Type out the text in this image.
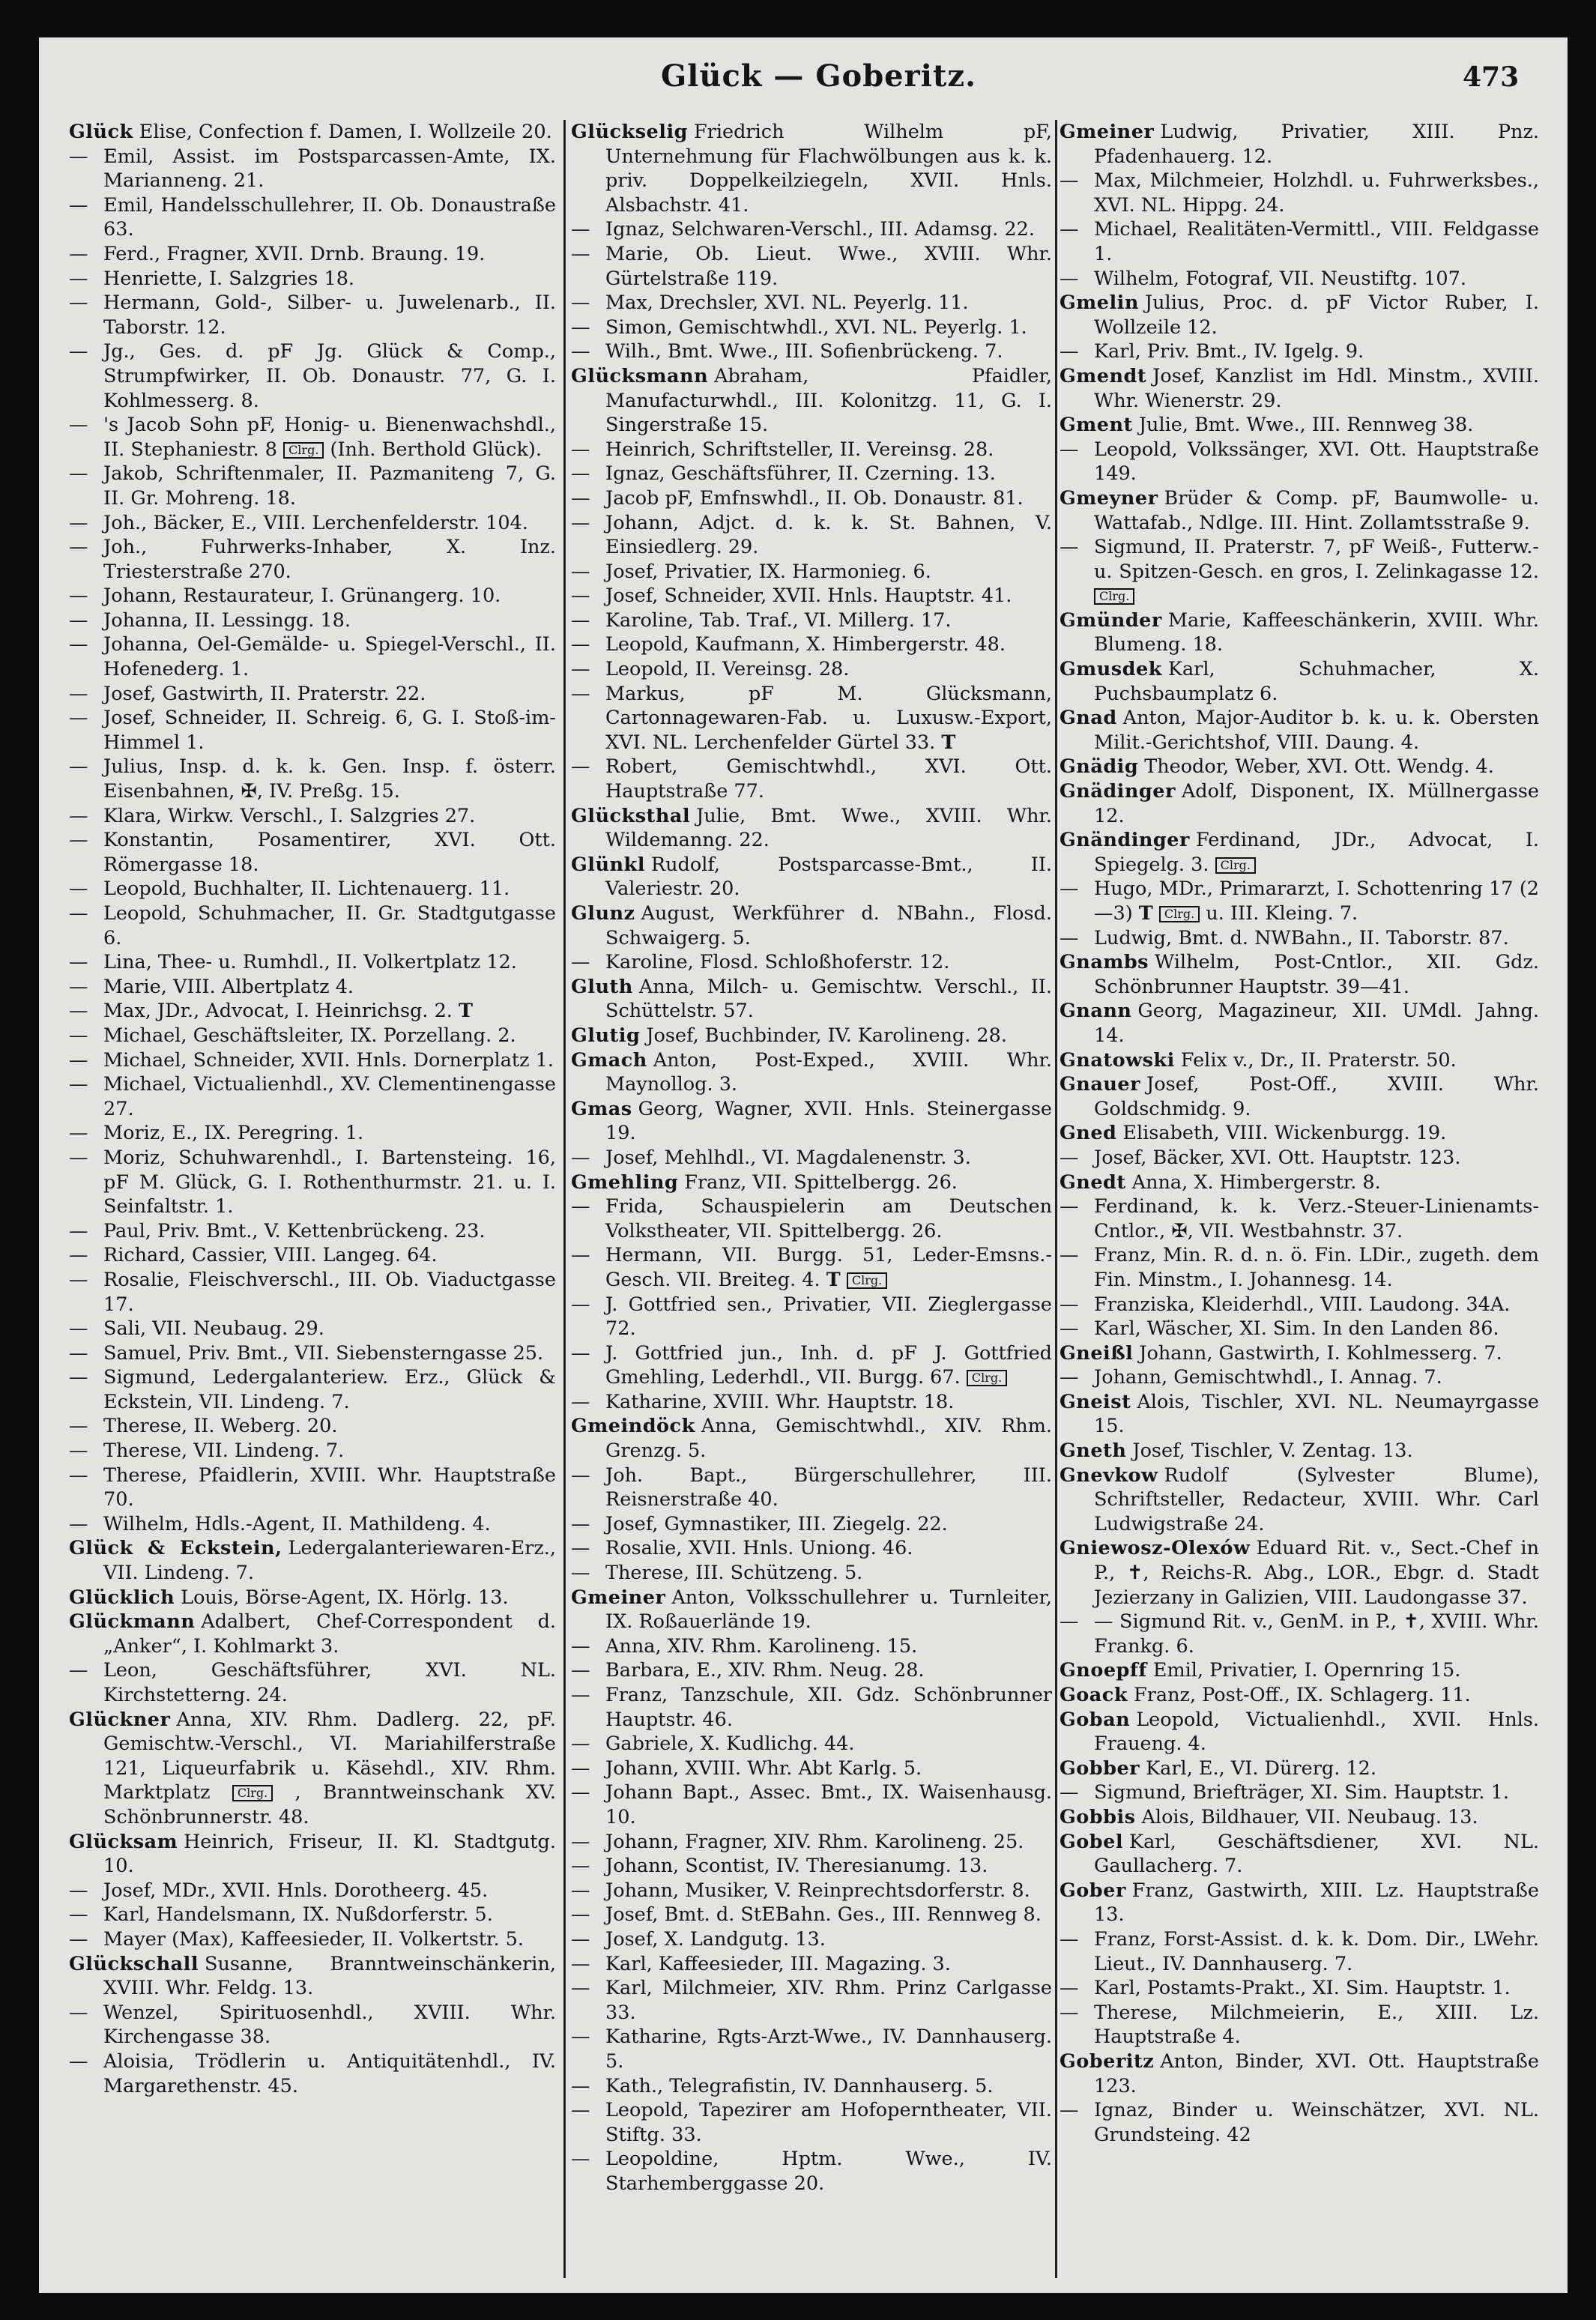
Glück — Goberitz.	473
Glück Elise, Confection f. Damen, I. Wollzeile 20.
— Emil, Assist. im Postsparcassen-Amte, IX. Marianneng. 21.
— Emil, Handelsschullehrer, II. Ob. Donaustraße 63.
— Ferd., Fragner, XVII. Drnb. Braung. 19.
— Henriette, I. Salzgries 18.
— Hermann, Gold-, Silber- u. Juwelenarb., II. Taborstr. 12.
— Jg., Ges. d. pF Jg. Glück & Comp., Strumpfwirker, II. Ob. Donaustr. 77, G. I. Kohlmesserg. 8.
— 's Jacob Sohn pF, Honig- u. Bienenwachshdl., II. Stephaniestr. 8 Clrg. (Inh. Berthold Glück).
— Jakob, Schriftenmaler, II. Pazmaniteng 7, G. II. Gr. Mohreng. 18.
— Joh., Bäcker, E., VIII. Lerchenfelderstr. 104.
— Joh., Fuhrwerks-Inhaber, X. Inz. Triesterstraße 270.
— Johann, Restaurateur, I. Grünangerg. 10.
— Johanna, II. Lessingg. 18.
— Johanna, Oel-Gemälde- u. Spiegel-Verschl., II. Hofenederg. 1.
— Josef, Gastwirth, II. Praterstr. 22.
— Josef, Schneider, II. Schreig. 6, G. I. Stoß-im-Himmel 1.
— Julius, Insp. d. k. k. Gen. Insp. f. österr. Eisenbahnen, ✠, IV. Preßg. 15.
— Klara, Wirkw. Verschl., I. Salzgries 27.
— Konstantin, Posamentirer, XVI. Ott. Römergasse 18.
— Leopold, Buchhalter, II. Lichtenauerg. 11.
— Leopold, Schuhmacher, II. Gr. Stadtgutgasse 6.
— Lina, Thee- u. Rumhdl., II. Volkertplatz 12.
— Marie, VIII. Albertplatz 4.
— Max, JDr., Advocat, I. Heinrichsg. 2. T
— Michael, Geschäftsleiter, IX. Porzellang. 2.
— Michael, Schneider, XVII. Hnls. Dornerplatz 1.
— Michael, Victualienhdl., XV. Clementinengasse 27.
— Moriz, E., IX. Peregring. 1.
— Moriz, Schuhwarenhdl., I. Bartensteing. 16, pF M. Glück, G. I. Rothenthurmstr. 21. u. I. Seinfaltstr. 1.
— Paul, Priv. Bmt., V. Kettenbrückeng. 23.
— Richard, Cassier, VIII. Langeg. 64.
— Rosalie, Fleischverschl., III. Ob. Viaductgasse 17.
— Sali, VII. Neubaug. 29.
— Samuel, Priv. Bmt., VII. Siebensterngasse 25.
— Sigmund, Ledergalanteriew. Erz., Glück & Eckstein, VII. Lindeng. 7.
— Therese, II. Weberg. 20.
— Therese, VII. Lindeng. 7.
— Therese, Pfaidlerin, XVIII. Whr. Hauptstraße 70.
— Wilhelm, Hdls.-Agent, II. Mathildeng. 4.
Glück & Eckstein, Ledergalanteriewaren-Erz., VII. Lindeng. 7.
Glücklich Louis, Börse-Agent, IX. Hörlg. 13.
Glückmann Adalbert, Chef-Correspondent d. „Anker“, I. Kohlmarkt 3.
— Leon, Geschäftsführer, XVI. NL. Kirchstetterng. 24.
Glückner Anna, XIV. Rhm. Dadlerg. 22, pF. Gemischtw.-Verschl., VI. Mariahilferstraße 121, Liqueurfabrik u. Käsehdl., XIV. Rhm. Marktplatz Clrg. , Branntweinschank XV. Schönbrunnerstr. 48.
Glücksam Heinrich, Friseur, II. Kl. Stadtgutg. 10.
— Josef, MDr., XVII. Hnls. Dorotheerg. 45.
— Karl, Handelsmann, IX. Nußdorferstr. 5.
— Mayer (Max), Kaffeesieder, II. Volkertstr. 5.
Glückschall Susanne, Branntweinschänkerin, XVIII. Whr. Feldg. 13.
— Wenzel, Spirituosenhdl., XVIII. Whr. Kirchengasse 38.
— Aloisia, Trödlerin u. Antiquitätenhdl., IV. Margarethenstr. 45.
Glückselig Friedrich Wilhelm pF, Unternehmung für Flachwölbungen aus k. k. priv. Doppelkeilziegeln, XVII. Hnls. Alsbachstr. 41.
— Ignaz, Selchwaren-Verschl., III. Adamsg. 22.
— Marie, Ob. Lieut. Wwe., XVIII. Whr. Gürtelstraße 119.
— Max, Drechsler, XVI. NL. Peyerlg. 11.
— Simon, Gemischtwhdl., XVI. NL. Peyerlg. 1.
— Wilh., Bmt. Wwe., III. Sofienbrückeng. 7.
Glücksmann Abraham, Pfaidler, Manufacturwhdl., III. Kolonitzg. 11, G. I. Singerstraße 15.
— Heinrich, Schriftsteller, II. Vereinsg. 28.
— Ignaz, Geschäftsführer, II. Czerning. 13.
— Jacob pF, Emfnswhdl., II. Ob. Donaustr. 81.
— Johann, Adjct. d. k. k. St. Bahnen, V. Einsiedlerg. 29.
— Josef, Privatier, IX. Harmonieg. 6.
— Josef, Schneider, XVII. Hnls. Hauptstr. 41.
— Karoline, Tab. Traf., VI. Millerg. 17.
— Leopold, Kaufmann, X. Himbergerstr. 48.
— Leopold, II. Vereinsg. 28.
— Markus, pF M. Glücksmann, Cartonnagewaren-Fab. u. Luxusw.-Export, XVI. NL. Lerchenfelder Gürtel 33. T
— Robert, Gemischtwhdl., XVI. Ott. Hauptstraße 77.
Glücksthal Julie, Bmt. Wwe., XVIII. Whr. Wildemanng. 22.
Glünkl Rudolf, Postsparcasse-Bmt., II. Valeriestr. 20.
Glunz August, Werkführer d. NBahn., Flosd. Schwaigerg. 5.
— Karoline, Flosd. Schloßhoferstr. 12.
Gluth Anna, Milch- u. Gemischtw. Verschl., II. Schüttelstr. 57.
Glutig Josef, Buchbinder, IV. Karolineng. 28.
Gmach Anton, Post-Exped., XVIII. Whr. Maynollog. 3.
Gmas Georg, Wagner, XVII. Hnls. Steinergasse 19.
— Josef, Mehlhdl., VI. Magdalenenstr. 3.
Gmehling Franz, VII. Spittelbergg. 26.
— Frida, Schauspielerin am Deutschen Volkstheater, VII. Spittelbergg. 26.
— Hermann, VII. Burgg. 51, Leder-Emsns.-Gesch. VII. Breiteg. 4. T Clrg.
— J. Gottfried sen., Privatier, VII. Zieglergasse 72.
— J. Gottfried jun., Inh. d. pF J. Gottfried Gmehling, Lederhdl., VII. Burgg. 67. Clrg.
— Katharine, XVIII. Whr. Hauptstr. 18.
Gmeindöck Anna, Gemischtwhdl., XIV. Rhm. Grenzg. 5.
— Joh. Bapt., Bürgerschullehrer, III. Reisnerstraße 40.
— Josef, Gymnastiker, III. Ziegelg. 22.
— Rosalie, XVII. Hnls. Uniong. 46.
— Therese, III. Schützeng. 5.
Gmeiner Anton, Volksschullehrer u. Turnleiter, IX. Roßauerlände 19.
— Anna, XIV. Rhm. Karolineng. 15.
— Barbara, E., XIV. Rhm. Neug. 28.
— Franz, Tanzschule, XII. Gdz. Schönbrunner Hauptstr. 46.
— Gabriele, X. Kudlichg. 44.
— Johann, XVIII. Whr. Abt Karlg. 5.
— Johann Bapt., Assec. Bmt., IX. Waisenhausg. 10.
— Johann, Fragner, XIV. Rhm. Karolineng. 25.
— Johann, Scontist, IV. Theresianumg. 13.
— Johann, Musiker, V. Reinprechtsdorferstr. 8.
— Josef, Bmt. d. StEBahn. Ges., III. Rennweg 8.
— Josef, X. Landgutg. 13.
— Karl, Kaffeesieder, III. Magazing. 3.
— Karl, Milchmeier, XIV. Rhm. Prinz Carlgasse 33.
— Katharine, Rgts-Arzt-Wwe., IV. Dannhauserg. 5.
— Kath., Telegrafistin, IV. Dannhauserg. 5.
— Leopold, Tapezirer am Hofoperntheater, VII. Stiftg. 33.
— Leopoldine, Hptm. Wwe., IV. Starhemberggasse 20.
Gmeiner Ludwig, Privatier, XIII. Pnz. Pfadenhauerg. 12.
— Max, Milchmeier, Holzhdl. u. Fuhrwerksbes., XVI. NL. Hippg. 24.
— Michael, Realitäten-Vermittl., VIII. Feldgasse 1.
— Wilhelm, Fotograf, VII. Neustiftg. 107.
Gmelin Julius, Proc. d. pF Victor Ruber, I. Wollzeile 12.
— Karl, Priv. Bmt., IV. Igelg. 9.
Gmendt Josef, Kanzlist im Hdl. Minstm., XVIII. Whr. Wienerstr. 29.
Gment Julie, Bmt. Wwe., III. Rennweg 38.
— Leopold, Volkssänger, XVI. Ott. Hauptstraße 149.
Gmeyner Brüder & Comp. pF, Baumwolle- u. Wattafab., Ndlge. III. Hint. Zollamtsstraße 9.
— Sigmund, II. Praterstr. 7, pF Weiß-, Futterw.- u. Spitzen-Gesch. en gros, I. Zelinkagasse 12. Clrg.
Gmünder Marie, Kaffeeschänkerin, XVIII. Whr. Blumeng. 18.
Gmusdek Karl, Schuhmacher, X. Puchsbaumplatz 6.
Gnad Anton, Major-Auditor b. k. u. k. Obersten Milit.-Gerichtshof, VIII. Daung. 4.
Gnädig Theodor, Weber, XVI. Ott. Wendg. 4.
Gnädinger Adolf, Disponent, IX. Müllnergasse 12.
Gnändinger Ferdinand, JDr., Advocat, I. Spiegelg. 3. Clrg.
— Hugo, MDr., Primararzt, I. Schottenring 17 (2—3) T Clrg. u. III. Kleing. 7.
— Ludwig, Bmt. d. NWBahn., II. Taborstr. 87.
Gnambs Wilhelm, Post-Cntlor., XII. Gdz. Schönbrunner Hauptstr. 39—41.
Gnann Georg, Magazineur, XII. UMdl. Jahng. 14.
Gnatowski Felix v., Dr., II. Praterstr. 50.
Gnauer Josef, Post-Off., XVIII. Whr. Goldschmidg. 9.
Gned Elisabeth, VIII. Wickenburgg. 19.
— Josef, Bäcker, XVI. Ott. Hauptstr. 123.
Gnedt Anna, X. Himbergerstr. 8.
— Ferdinand, k. k. Verz.-Steuer-Linienamts-Cntlor., ✠, VII. Westbahnstr. 37.
— Franz, Min. R. d. n. ö. Fin. LDir., zugeth. dem Fin. Minstm., I. Johannesg. 14.
— Franziska, Kleiderhdl., VIII. Laudong. 34A.
— Karl, Wäscher, XI. Sim. In den Landen 86.
Gneißl Johann, Gastwirth, I. Kohlmesserg. 7.
— Johann, Gemischtwhdl., I. Annag. 7.
Gneist Alois, Tischler, XVI. NL. Neumayrgasse 15.
Gneth Josef, Tischler, V. Zentag. 13.
Gnevkow Rudolf (Sylvester Blume), Schriftsteller, Redacteur, XVIII. Whr. Carl Ludwigstraße 24.
Gniewosz-Olexów Eduard Rit. v., Sect.-Chef in P., ✝, Reichs-R. Abg., LOR., Ebgr. d. Stadt Jezierzany in Galizien, VIII. Laudongasse 37.
— — Sigmund Rit. v., GenM. in P., ✝, XVIII. Whr. Frankg. 6.
Gnoepff Emil, Privatier, I. Opernring 15.
Goack Franz, Post-Off., IX. Schlagerg. 11.
Goban Leopold, Victualienhdl., XVII. Hnls. Fraueng. 4.
Gobber Karl, E., VI. Dürerg. 12.
— Sigmund, Briefträger, XI. Sim. Hauptstr. 1.
Gobbis Alois, Bildhauer, VII. Neubaug. 13.
Gobel Karl, Geschäftsdiener, XVI. NL. Gaullacherg. 7.
Gober Franz, Gastwirth, XIII. Lz. Hauptstraße 13.
— Franz, Forst-Assist. d. k. k. Dom. Dir., LWehr. Lieut., IV. Dannhauserg. 7.
— Karl, Postamts-Prakt., XI. Sim. Hauptstr. 1.
— Therese, Milchmeierin, E., XIII. Lz. Hauptstraße 4.
Goberitz Anton, Binder, XVI. Ott. Hauptstraße 123.
— Ignaz, Binder u. Weinschätzer, XVI. NL. Grundsteing. 42
